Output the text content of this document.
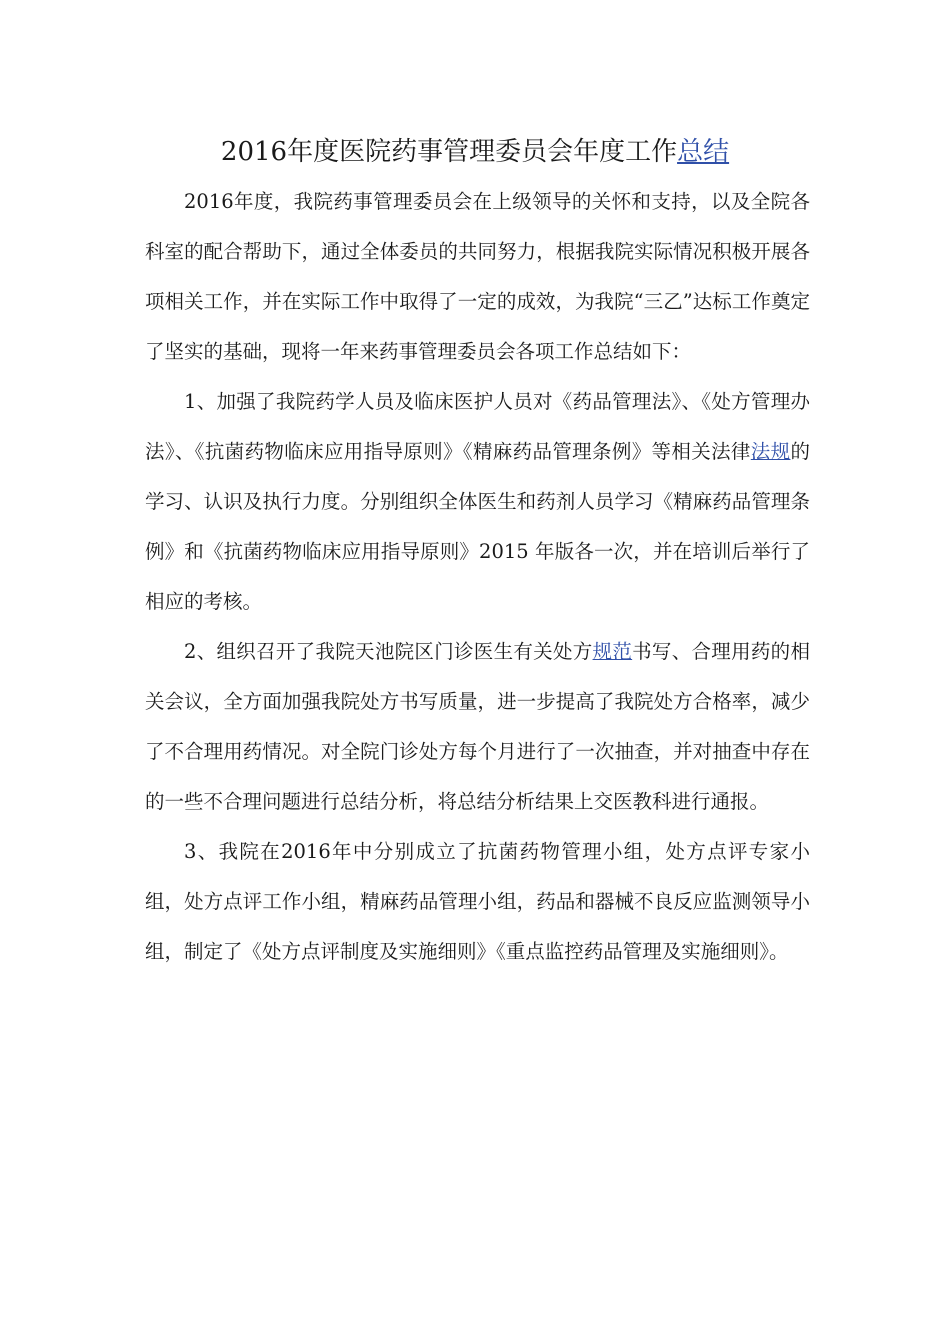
2016年度医院药事管理委员会年度工作总结

2016年度，我院药事管理委员会在上级领导的关怀和支持，以及全院各科室的配合帮助下，通过全体委员的共同努力，根据我院实际情况积极开展各项相关工作，并在实际工作中取得了一定的成效，为我院“三乙”达标工作奠定了坚实的基础，现将一年来药事管理委员会各项工作总结如下：

1、加强了我院药学人员及临床医护人员对《药品管理法》、《处方管理办法》、《抗菌药物临床应用指导原则》《精麻药品管理条例》等相关法律法规的学习、认识及执行力度。分别组织全体医生和药剂人员学习《精麻药品管理条例》和《抗菌药物临床应用指导原则》2015 年版各一次，并在培训后举行了相应的考核。

2、组织召开了我院天池院区门诊医生有关处方规范书写、合理用药的相关会议，全方面加强我院处方书写质量，进一步提高了我院处方合格率，减少了不合理用药情况。对全院门诊处方每个月进行了一次抽查，并对抽查中存在的一些不合理问题进行总结分析，将总结分析结果上交医教科进行通报。

3、我院在2016年中分别成立了抗菌药物管理小组，处方点评专家小组，处方点评工作小组，精麻药品管理小组，药品和器械不良反应监测领导小组，制定了《处方点评制度及实施细则》《重点监控药品管理及实施细则》。
